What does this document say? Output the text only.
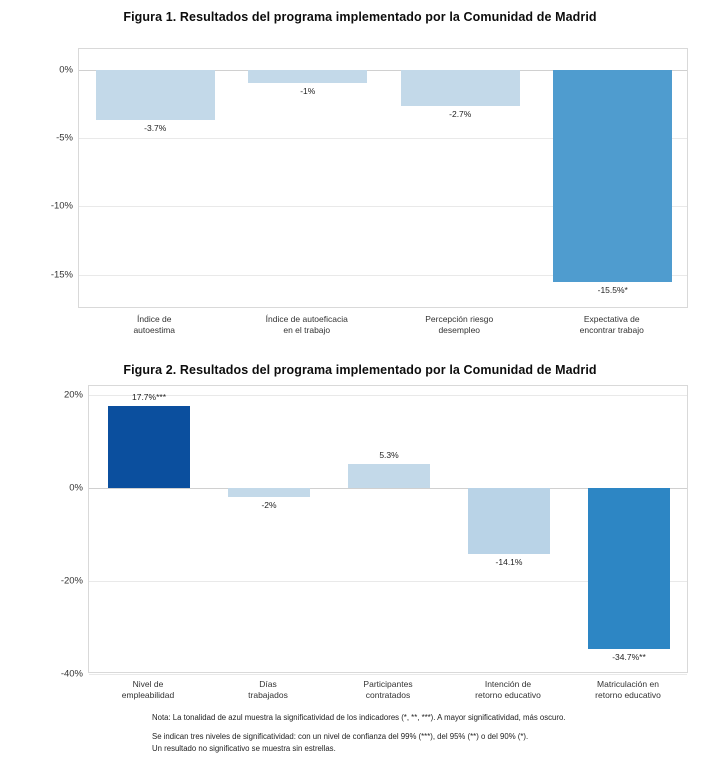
Figura 1. Resultados del programa implementado por la Comunidad de Madrid
0%
-5%
-10%
-15%
-3.7%
-1%
-2.7%
-15.5%*
Índice de
autoestima
Índice de autoeficacia
en el trabajo
Percepción riesgo
desempleo
Expectativa de
encontrar trabajo
Figura 2. Resultados del programa implementado por la Comunidad de Madrid
20%
0%
-20%
-40%
17.7%***
-2%
5.3%
-14.1%
-34.7%**
Nivel de
empleabilidad
Días
trabajados
Participantes
contratados
Intención de
retorno educativo
Matriculación en
retorno educativo
Nota: La tonalidad de azul muestra la significatividad de los indicadores (*, **, ***). A mayor significatividad, más oscuro.
Se indican tres niveles de significatividad: con un nivel de confianza del 99% (***), del 95% (**) o del 90% (*).
Un resultado no significativo se muestra sin estrellas.
